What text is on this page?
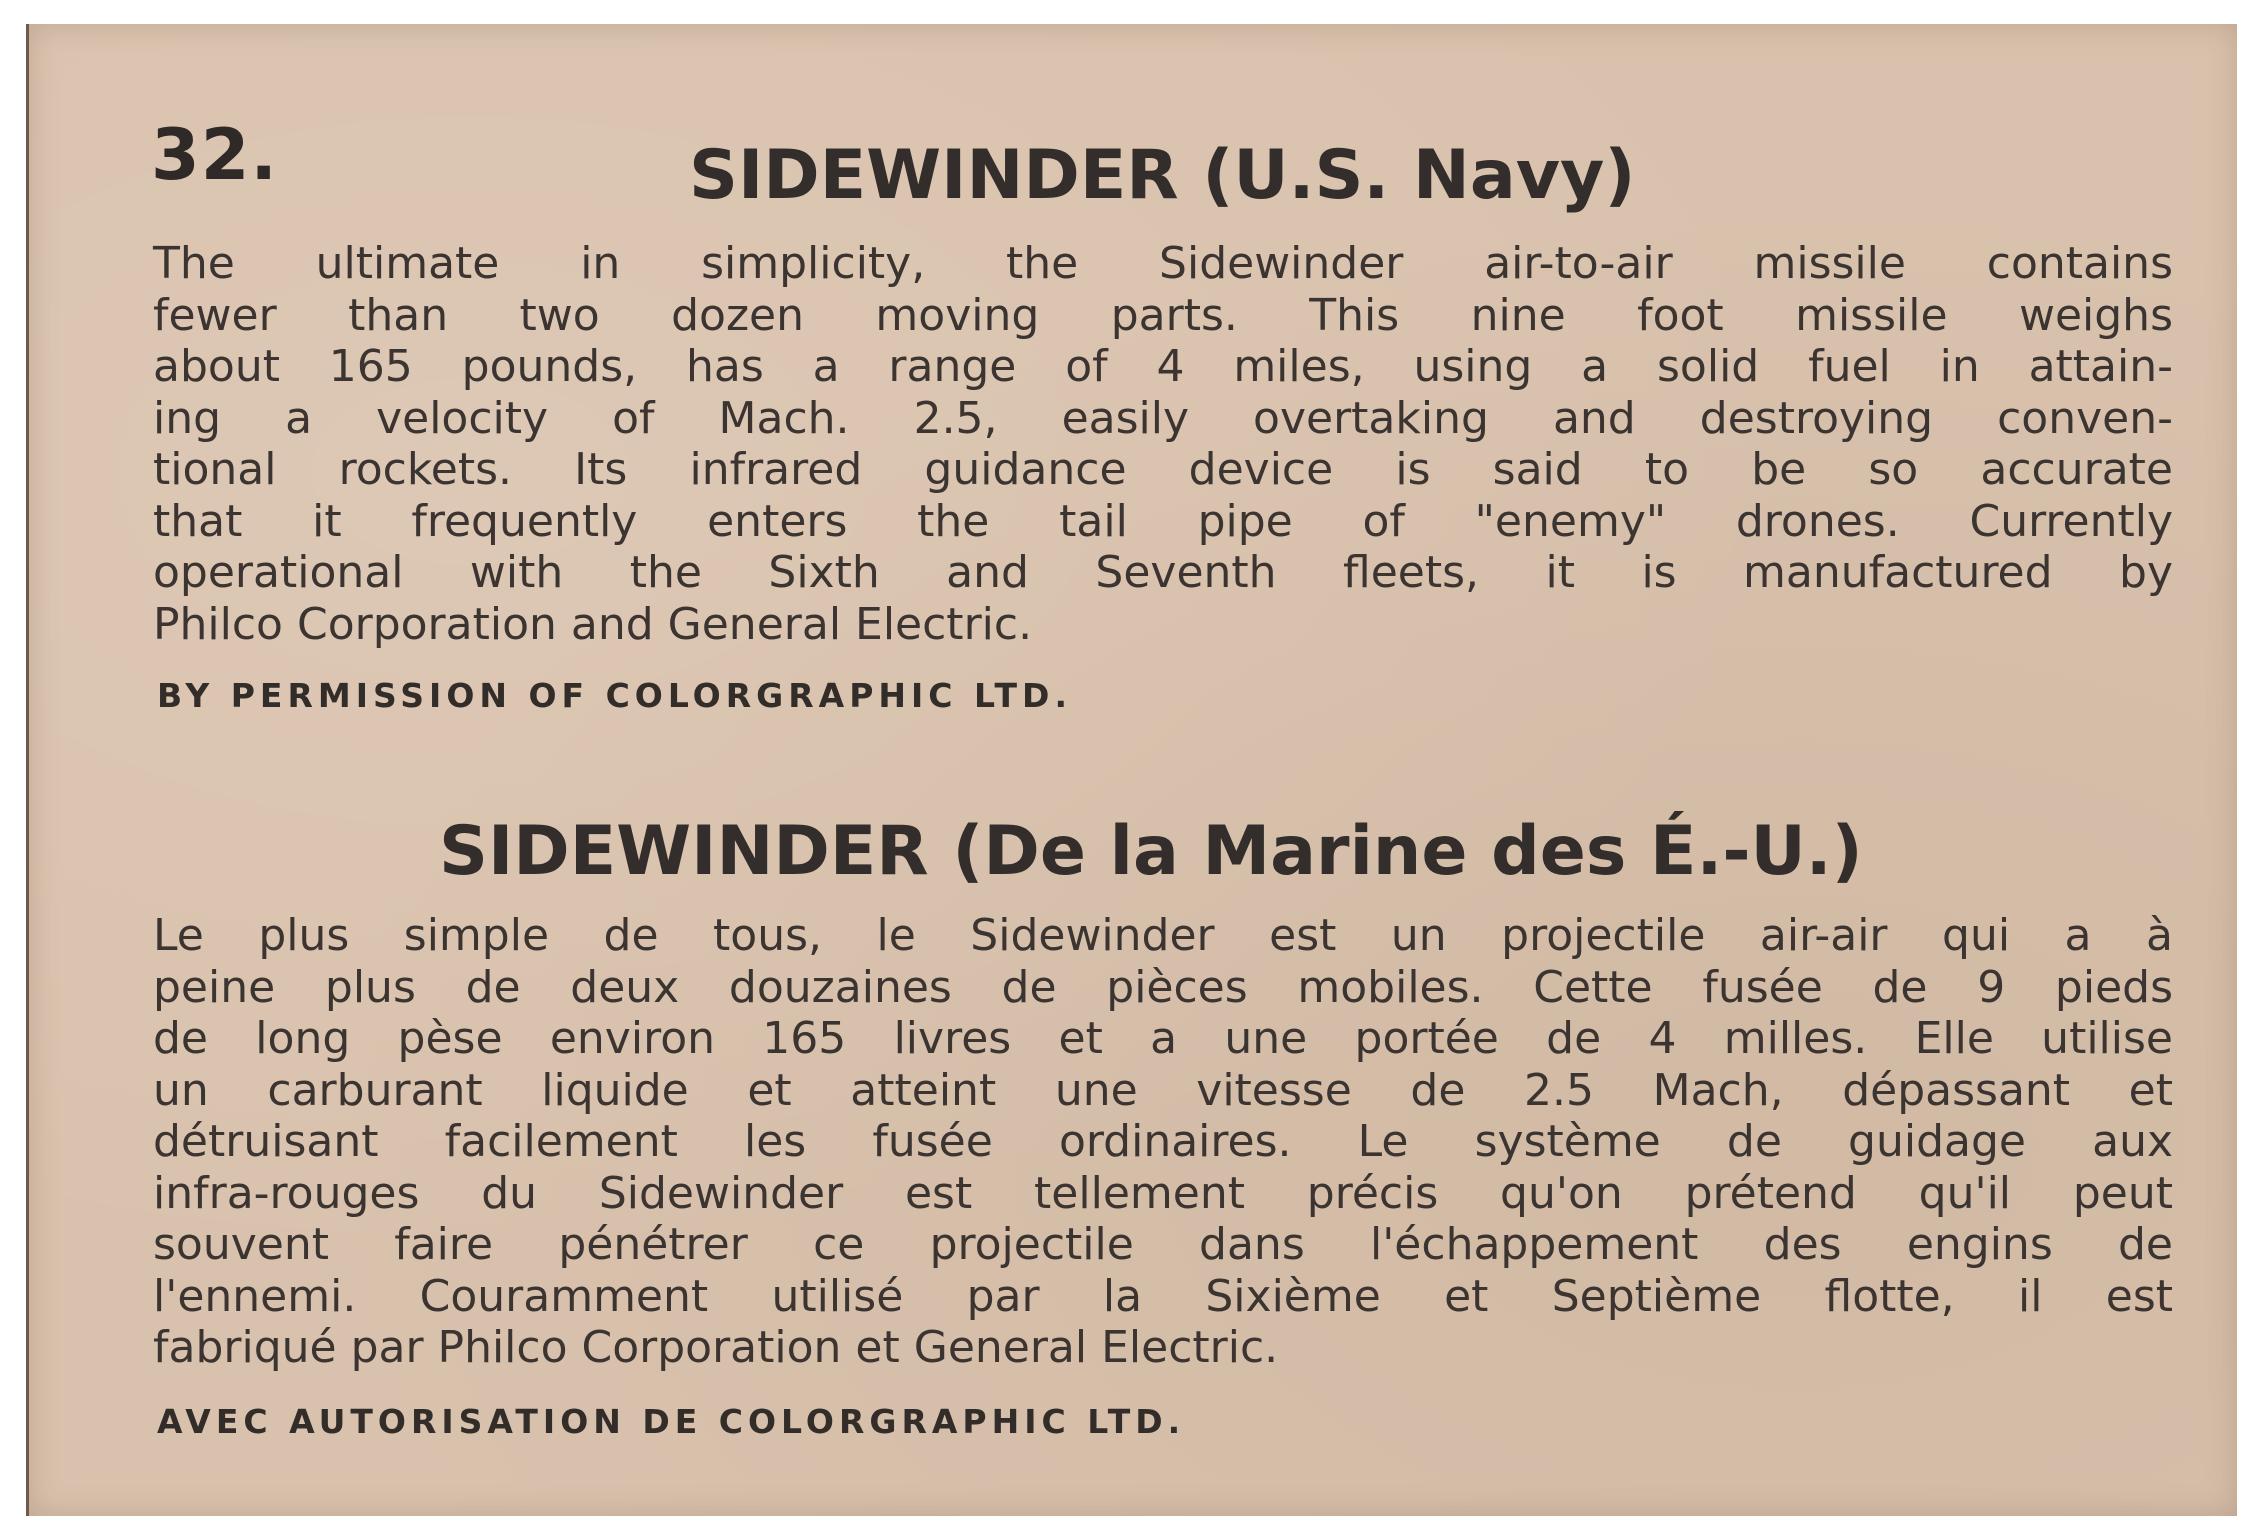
32.	SIDEWINDER (U.S. Navy)
The ultimate in simplicity, the Sidewinder air-to-air missile contains
fewer than two dozen moving parts. This nine foot missile weighs
about 165 pounds, has a range of 4 miles, using a solid fuel in attain-
ing a velocity of Mach. 2.5, easily overtaking and destroying conven-
tional rockets. Its infrared guidance device is said to be so accurate
that it frequently enters the tail pipe of "enemy" drones. Currently
operational with the Sixth and Seventh fleets, it is manufactured by
Philco Corporation and General Electric.
BY PERMISSION OF COLORGRAPHIC LTD.
SIDEWINDER (De la Marine des É.-U.)
Le plus simple de tous, le Sidewinder est un projectile air-air qui a à
peine plus de deux douzaines de pièces mobiles. Cette fusée de 9 pieds
de long pèse environ 165 livres et a une portée de 4 milles. Elle utilise
un carburant liquide et atteint une vitesse de 2.5 Mach, dépassant et
détruisant facilement les fusée ordinaires. Le système de guidage aux
infra-rouges du Sidewinder est tellement précis qu'on prétend qu'il peut
souvent faire pénétrer ce projectile dans l'échappement des engins de
l'ennemi. Couramment utilisé par la Sixième et Septième flotte, il est
fabriqué par Philco Corporation et General Electric.
AVEC AUTORISATION DE COLORGRAPHIC LTD.
